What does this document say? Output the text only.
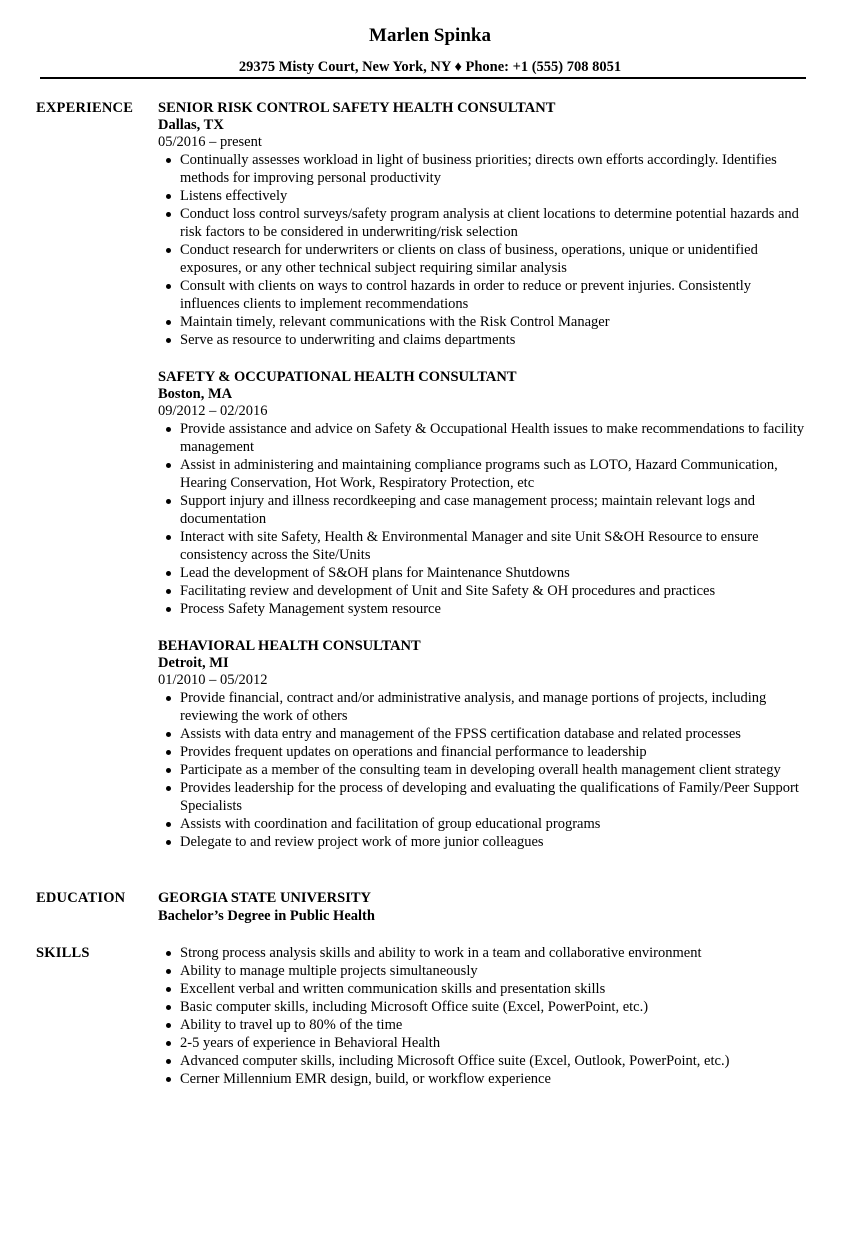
Marlen Spinka
29375 Misty Court, New York, NY ♦ Phone: +1 (555) 708 8051
EXPERIENCE SENIOR RISK CONTROL SAFETY HEALTH CONSULTANT
Dallas, TX
05/2016 – present
Continually assesses workload in light of business priorities; directs own efforts accordingly. Identifies methods for improving personal productivity
Listens effectively
Conduct loss control surveys/safety program analysis at client locations to determine potential hazards and risk factors to be considered in underwriting/risk selection
Conduct research for underwriters or clients on class of business, operations, unique or unidentified exposures, or any other technical subject requiring similar analysis
Consult with clients on ways to control hazards in order to reduce or prevent injuries. Consistently influences clients to implement recommendations
Maintain timely, relevant communications with the Risk Control Manager
Serve as resource to underwriting and claims departments
SAFETY & OCCUPATIONAL HEALTH CONSULTANT
Boston, MA
09/2012 – 02/2016
Provide assistance and advice on Safety & Occupational Health issues to make recommendations to facility management
Assist in administering and maintaining compliance programs such as LOTO, Hazard Communication, Hearing Conservation, Hot Work, Respiratory Protection, etc
Support injury and illness recordkeeping and case management process; maintain relevant logs and documentation
Interact with site Safety, Health & Environmental Manager and site Unit S&OH Resource to ensure consistency across the Site/Units
Lead the development of S&OH plans for Maintenance Shutdowns
Facilitating review and development of Unit and Site Safety & OH procedures and practices
Process Safety Management system resource
BEHAVIORAL HEALTH CONSULTANT
Detroit, MI
01/2010 – 05/2012
Provide financial, contract and/or administrative analysis, and manage portions of projects, including reviewing the work of others
Assists with data entry and management of the FPSS certification database and related processes
Provides frequent updates on operations and financial performance to leadership
Participate as a member of the consulting team in developing overall health management client strategy
Provides leadership for the process of developing and evaluating the qualifications of Family/Peer Support Specialists
Assists with coordination and facilitation of group educational programs
Delegate to and review project work of more junior colleagues
EDUCATION GEORGIA STATE UNIVERSITY
Bachelor’s Degree in Public Health
SKILLS	Strong process analysis skills and ability to work in a team and collaborative environment
Ability to manage multiple projects simultaneously
Excellent verbal and written communication skills and presentation skills
Basic computer skills, including Microsoft Office suite (Excel, PowerPoint, etc.)
Ability to travel up to 80% of the time
2-5 years of experience in Behavioral Health
Advanced computer skills, including Microsoft Office suite (Excel, Outlook, PowerPoint, etc.)
Cerner Millennium EMR design, build, or workflow experience
